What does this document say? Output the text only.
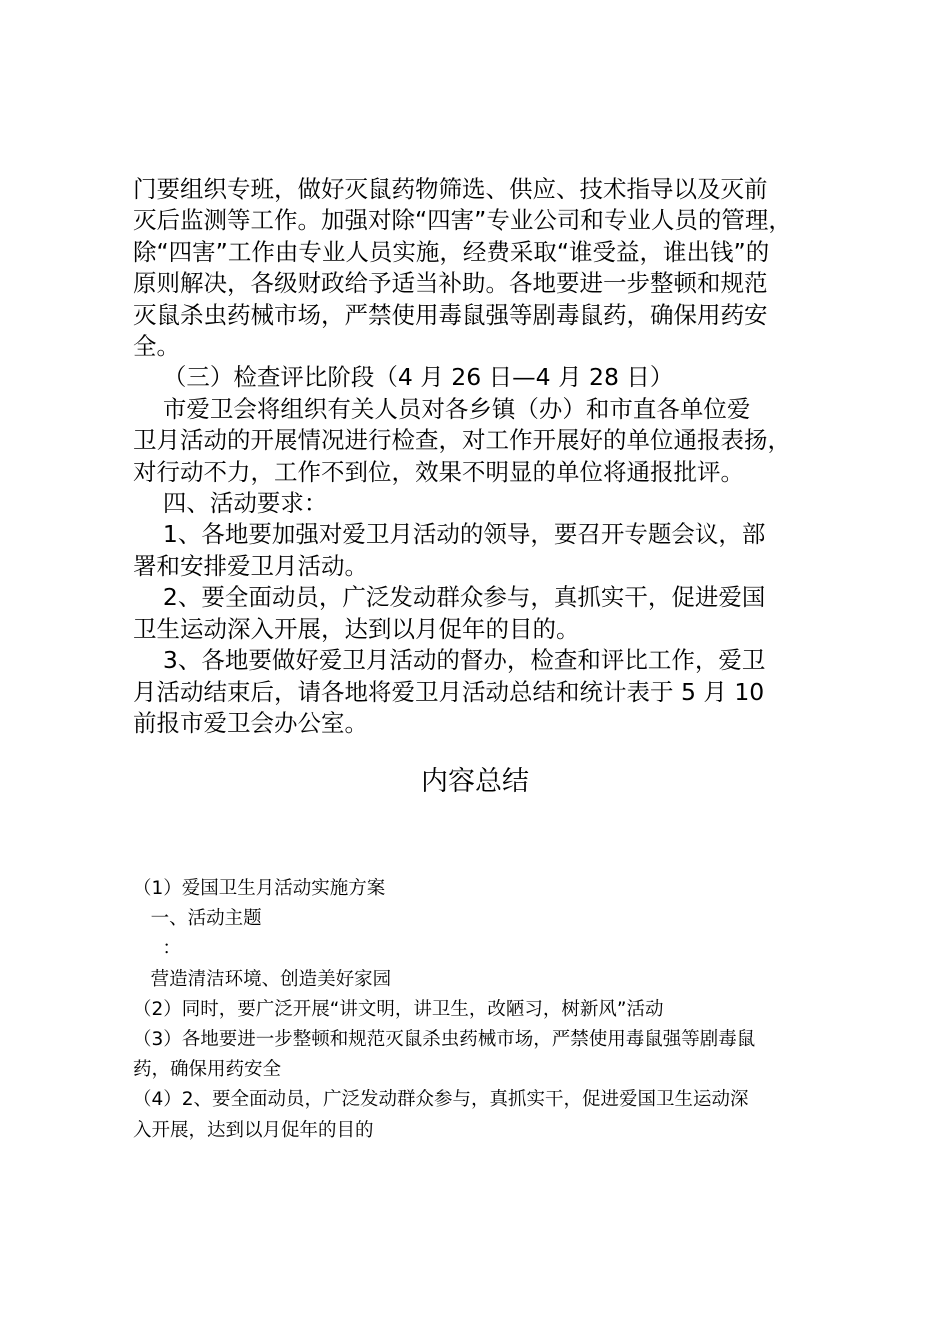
门要组织专班，做好灭鼠药物筛选、供应、技术指导以及灭前

灭后监测等工作。加强对除“四害”专业公司和专业人员的管理，

除“四害”工作由专业人员实施，经费采取“谁受益，谁出钱”的

原则解决，各级财政给予适当补助。各地要进一步整顿和规范

灭鼠杀虫药械市场，严禁使用毒鼠强等剧毒鼠药，确保用药安

全。

（三）检查评比阶段（4 月 26 日—4 月 28 日）

市爱卫会将组织有关人员对各乡镇（办）和市直各单位爱

卫月活动的开展情况进行检查，对工作开展好的单位通报表扬，

对行动不力，工作不到位，效果不明显的单位将通报批评。

四、活动要求：

1、各地要加强对爱卫月活动的领导，要召开专题会议，部

署和安排爱卫月活动。

2、要全面动员，广泛发动群众参与，真抓实干，促进爱国

卫生运动深入开展，达到以月促年的目的。

3、各地要做好爱卫月活动的督办，检查和评比工作，爱卫

月活动结束后，请各地将爱卫月活动总结和统计表于 5 月 10

前报市爱卫会办公室。

内容总结

（1）爱国卫生月活动实施方案

一、活动主题

：

营造清洁环境、创造美好家园

（2）同时，要广泛开展“讲文明，讲卫生，改陋习，树新风”活动

（3）各地要进一步整顿和规范灭鼠杀虫药械市场，严禁使用毒鼠强等剧毒鼠

药，确保用药安全

（4）2、要全面动员，广泛发动群众参与，真抓实干，促进爱国卫生运动深

入开展，达到以月促年的目的
